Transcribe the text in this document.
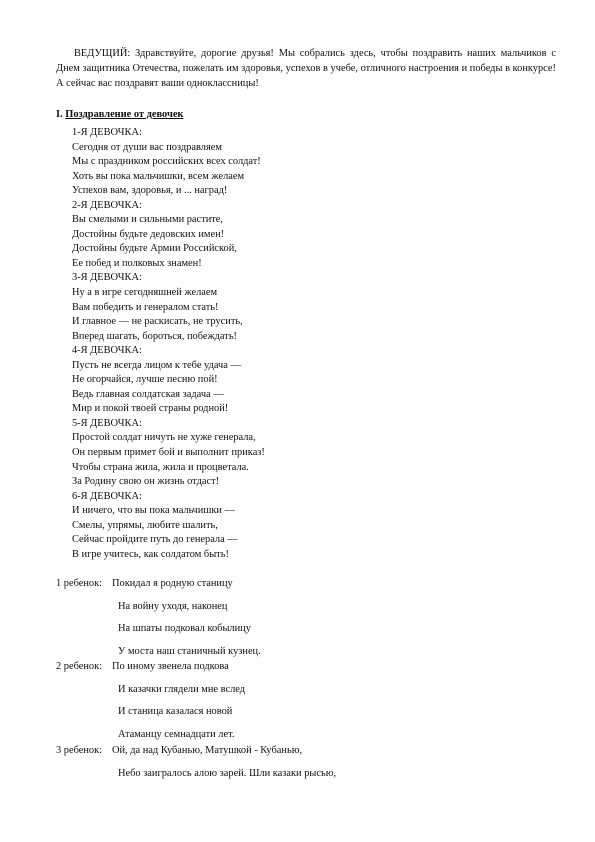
ВЕДУЩИЙ: Здравствуйте, дорогие друзья! Мы собрались здесь, чтобы поздравить наших мальчиков с Днем защитника Отечества, пожелать им здоровья, успехов в учебе, отличного настроения и победы в конкурсе! А сейчас вас поздравят ваши одноклассницы!

I. Поздравление от девочек

1-Я ДЕВОЧКА:
Сегодня от души вас поздравляем
Мы с праздником российских всех солдат!
Хоть вы пока мальчишки, всем желаем
Успехов вам, здоровья, и ... наград!
2-Я ДЕВОЧКА:
Вы смелыми и сильными растите,
Достойны будьте дедовских имен!
Достойны будьте Армии Российской,
Ее побед и полковых знамен!
3-Я ДЕВОЧКА:
Ну а в игре сегодняшней желаем
Вам победить и генералом стать!
И главное — не раскисать, не трусить,
Вперед шагать, бороться, побеждать!
4-Я ДЕВОЧКА:
Пусть не всегда лицом к тебе удача —
Не огорчайся, лучше песню пой!
Ведь главная солдатская задача —
Мир и покой твоей страны родной!
5-Я ДЕВОЧКА:
Простой солдат ничуть не хуже генерала,
Он первым примет бой и выполнит приказ!
Чтобы страна жила, жила и процветала.
За Родину свою он жизнь отдаст!
6-Я ДЕВОЧКА:
И ничего, что вы пока мальчишки —
Смелы, упрямы, любите шалить,
Сейчас пройдите путь до генерала —
В игре учитесь, как солдатом быть!
1 ребенок: Покидал я родную станицу
На войну уходя, наконец
На шпаты подковал кобылицу
У моста наш станичный кузнец.
2 ребенок: По иному звенела подкова
И казачки глядели мне вслед
И станица казалася новой
Атаманцу семнадцати лет.
3 ребенок: Ой, да над Кубанью, Матушкой - Кубанью,
Небо заигралось алою зарей. Шли казаки рысью,
